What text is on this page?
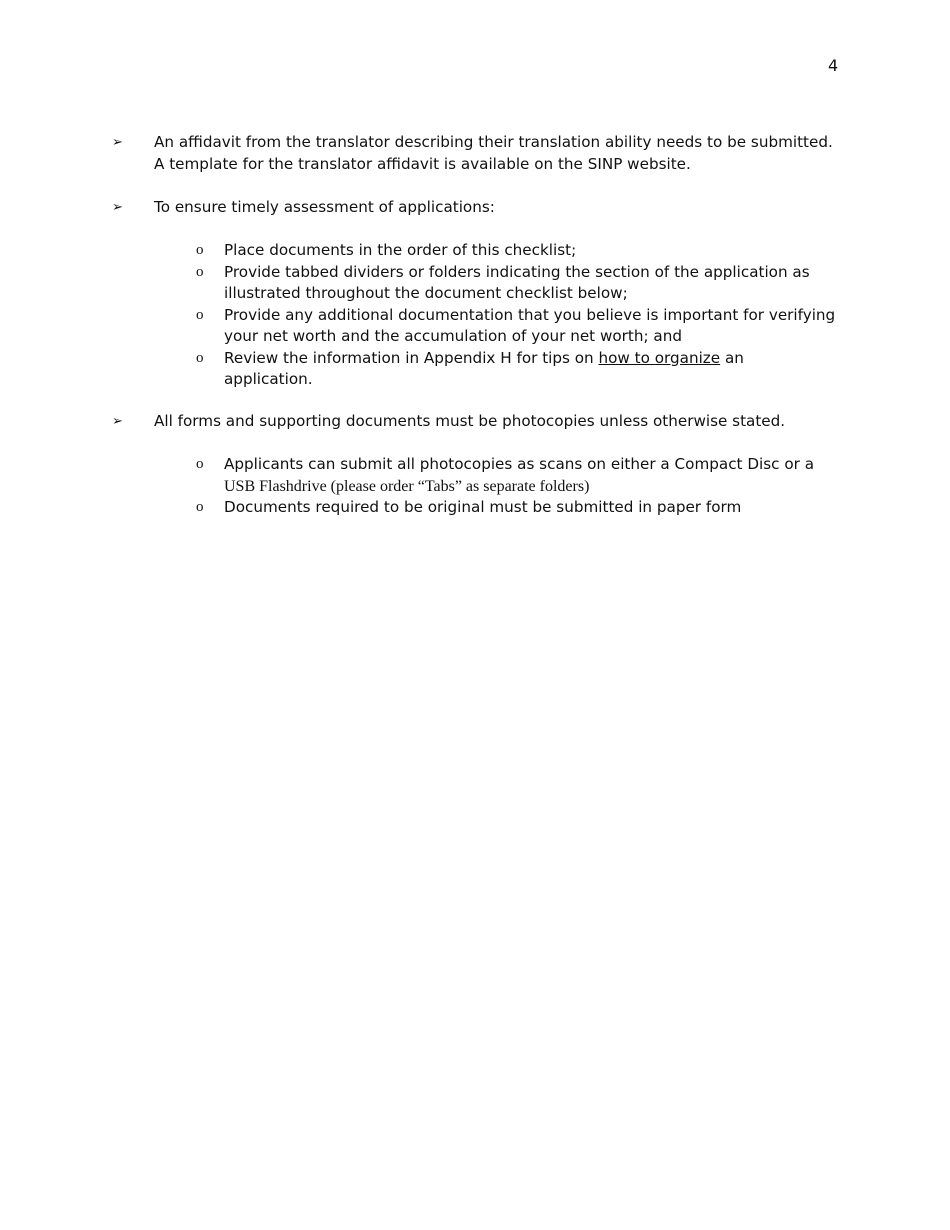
4
➢ An affidavit from the translator describing their translation ability needs to be submitted. A template for the translator affidavit is available on the SINP website.
➢ To ensure timely assessment of applications:
o Place documents in the order of this checklist;
o Provide tabbed dividers or folders indicating the section of the application as illustrated throughout the document checklist below;
o Provide any additional documentation that you believe is important for verifying your net worth and the accumulation of your net worth; and
o Review the information in Appendix H for tips on how to organize an application.
➢ All forms and supporting documents must be photocopies unless otherwise stated.
o Applicants can submit all photocopies as scans on either a Compact Disc or a
USB Flashdrive (please order “Tabs” as separate folders)
o Documents required to be original must be submitted in paper form
